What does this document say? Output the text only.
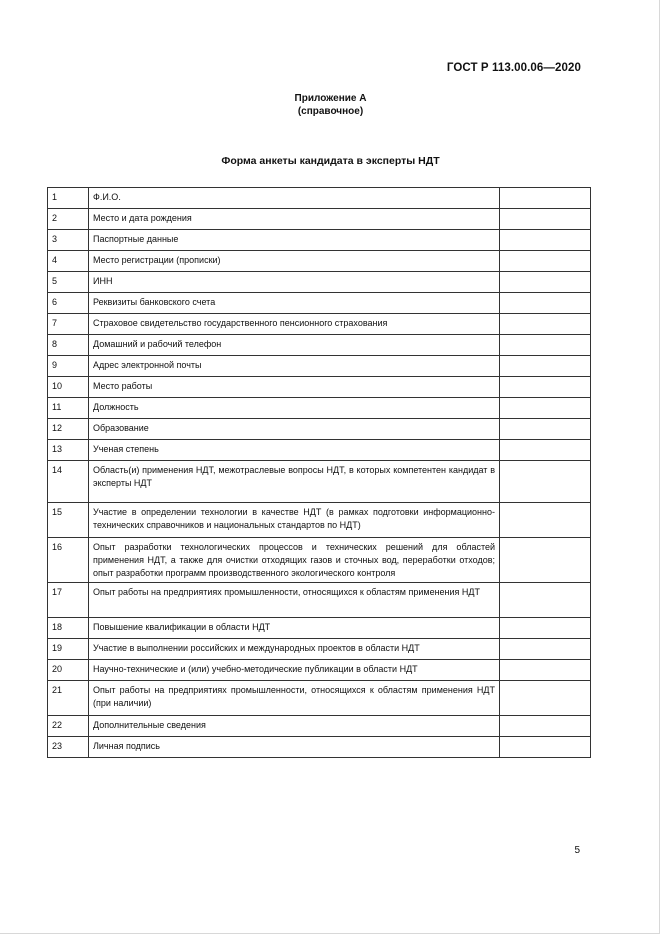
ГОСТ Р 113.00.06—2020
Приложение А
(справочное)
Форма анкеты кандидата в эксперты НДТ
1	Ф.И.О.	
2	Место и дата рождения	
3	Паспортные данные	
4	Место регистрации (прописки)	
5	ИНН	
6	Реквизиты банковского счета	
7	Страховое свидетельство государственного пенсионного страхования	
8	Домашний и рабочий телефон	
9	Адрес электронной почты	
10	Место работы	
11	Должность	
12	Образование	
13	Ученая степень	
14	Область(и) применения НДТ, межотраслевые вопросы НДТ, в которых компетентен кандидат в эксперты НДТ	
15	Участие в определении технологии в качестве НДТ (в рамках подготовки информационно-технических справочников и национальных стандартов по НДТ)	
16	Опыт разработки технологических процессов и технических решений для областей применения НДТ, а также для очистки отходящих газов и сточных вод, переработки отходов; опыт разработки программ производственного экологического контроля	
17	Опыт работы на предприятиях промышленности, относящихся к областям применения НДТ	
18	Повышение квалификации в области НДТ	
19	Участие в выполнении российских и международных проектов в области НДТ	
20	Научно-технические и (или) учебно-методические публикации в области НДТ	
21	Опыт работы на предприятиях промышленности, относящихся к областям применения НДТ (при наличии)	
22	Дополнительные сведения	
23	Личная подпись	
5
